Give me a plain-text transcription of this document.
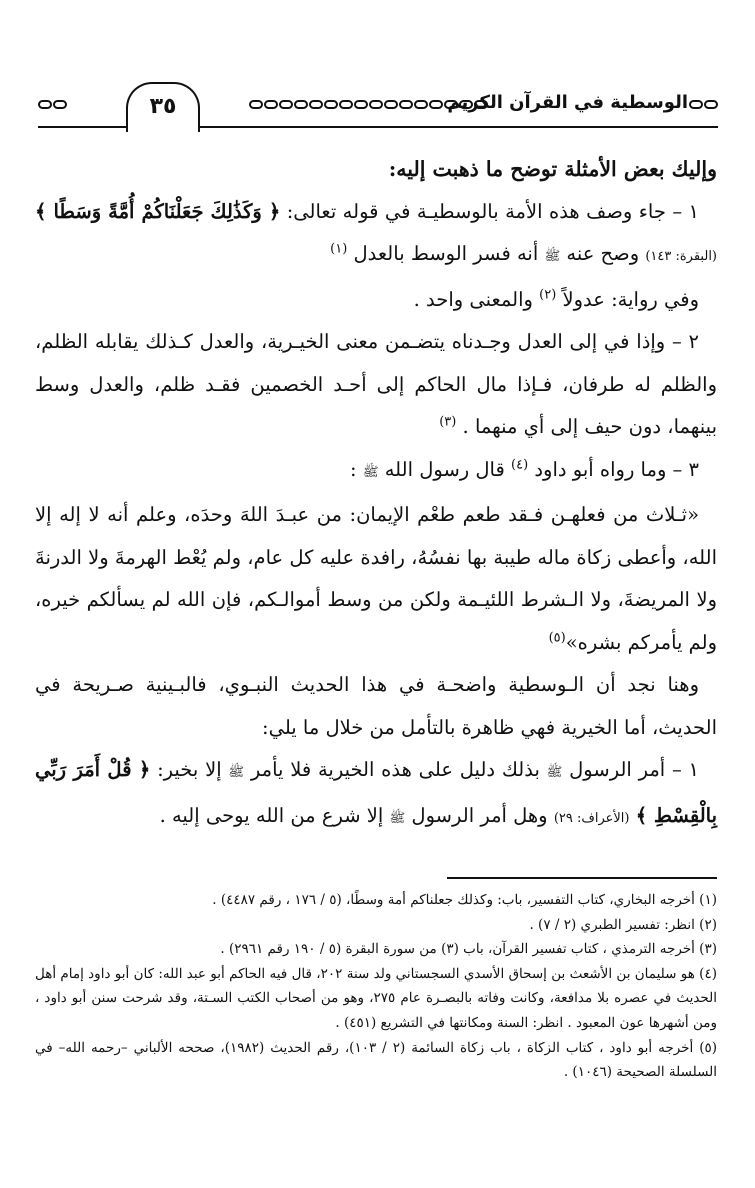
الوسطية في القرآن الكريم
٣٥

وإليك بعض الأمثلة توضح ما ذهبت إليه:

١ – جاء وصف هذه الأمة بالوسطيـة في قوله تعالى: ﴿ وَكَذَٰلِكَ جَعَلْنَاكُمْ أُمَّةً وَسَطًا ﴾ (البقرة: ١٤٣) وصح عنه ﷺ أنه فسر الوسط بالعدل $^{(١)}$

وفي رواية: عدولاً $^{(٢)}$ والمعنى واحد .

٢ – وإذا في إلى العدل وجـدناه يتضـمن معنى الخيـرية، والعدل كـذلك يقابله الظلم، والظلم له طرفان، فـإذا مال الحاكم إلى أحـد الخصمين فقـد ظلم، والعدل وسط بينهما، دون حيف إلى أي منهما . $^{(٣)}$

٣ – وما رواه أبو داود $^{(٤)}$ قال رسول الله ﷺ :

«ثـلاث من فعلهـن فـقد طعم طعْم الإيمان: من عبـدَ اللهَ وحدَه، وعلم أنه لا إله إلا الله، وأعطى زكاة ماله طيبة بها نفسُهُ، رافدة عليه كل عام، ولم يُعْط الهرمةَ ولا الدرنةَ ولا المريضةَ، ولا الـشرط اللئيـمة ولكن من وسط أموالـكم، فإن الله لم يسألكم خيره، ولم يأمركم بشره»$^{(٥)}$

وهنا نجد أن الـوسطية واضحـة في هذا الحديث النبـوي، فالبـينية صـريحة في الحديث، أما الخيرية فهي ظاهرة بالتأمل من خلال ما يلي:

١ – أمر الرسول ﷺ بذلك دليل على هذه الخيرية فلا يأمر ﷺ إلا بخير: ﴿ قُلْ أَمَرَ رَبِّي بِالْقِسْطِ ﴾ (الأعراف: ٢٩) وهل أمر الرسول ﷺ إلا شرع من الله يوحى إليه .

(١) أخرجه البخاري، كتاب التفسير، باب: وكذلك جعلناكم أمة وسطًا، (٥ / ١٧٦ ، رقم ٤٤٨٧) .

(٢) انظر: تفسير الطبري (٢ / ٧) .

(٣) أخرجه الترمذي ، كتاب تفسير القرآن، باب (٣) من سورة البقرة (٥ / ١٩٠ رقم ٢٩٦١) .

(٤) هو سليمان بن الأشعث بن إسحاق الأسدي السجستاني ولد سنة ٢٠٢، قال فيه الحاكم أبو عبد الله: كان أبو داود إمام أهل الحديث في عصره بلا مدافعة، وكانت وفاته بالبصـرة عام ٢٧٥، وهو من أصحاب الكتب السـتة، وقد شرحت سنن أبو داود ، ومن أشهرها عون المعبود . انظر: السنة ومكانتها في التشريع (٤٥١) .

(٥) أخرجه أبو داود ، كتاب الزكاة ، باب زكاة السائمة (٢ / ١٠٣)، رقم الحديث (١٩٨٢)، صححه الألباني –رحمه الله– في السلسلة الصحيحة (١٠٤٦) .
